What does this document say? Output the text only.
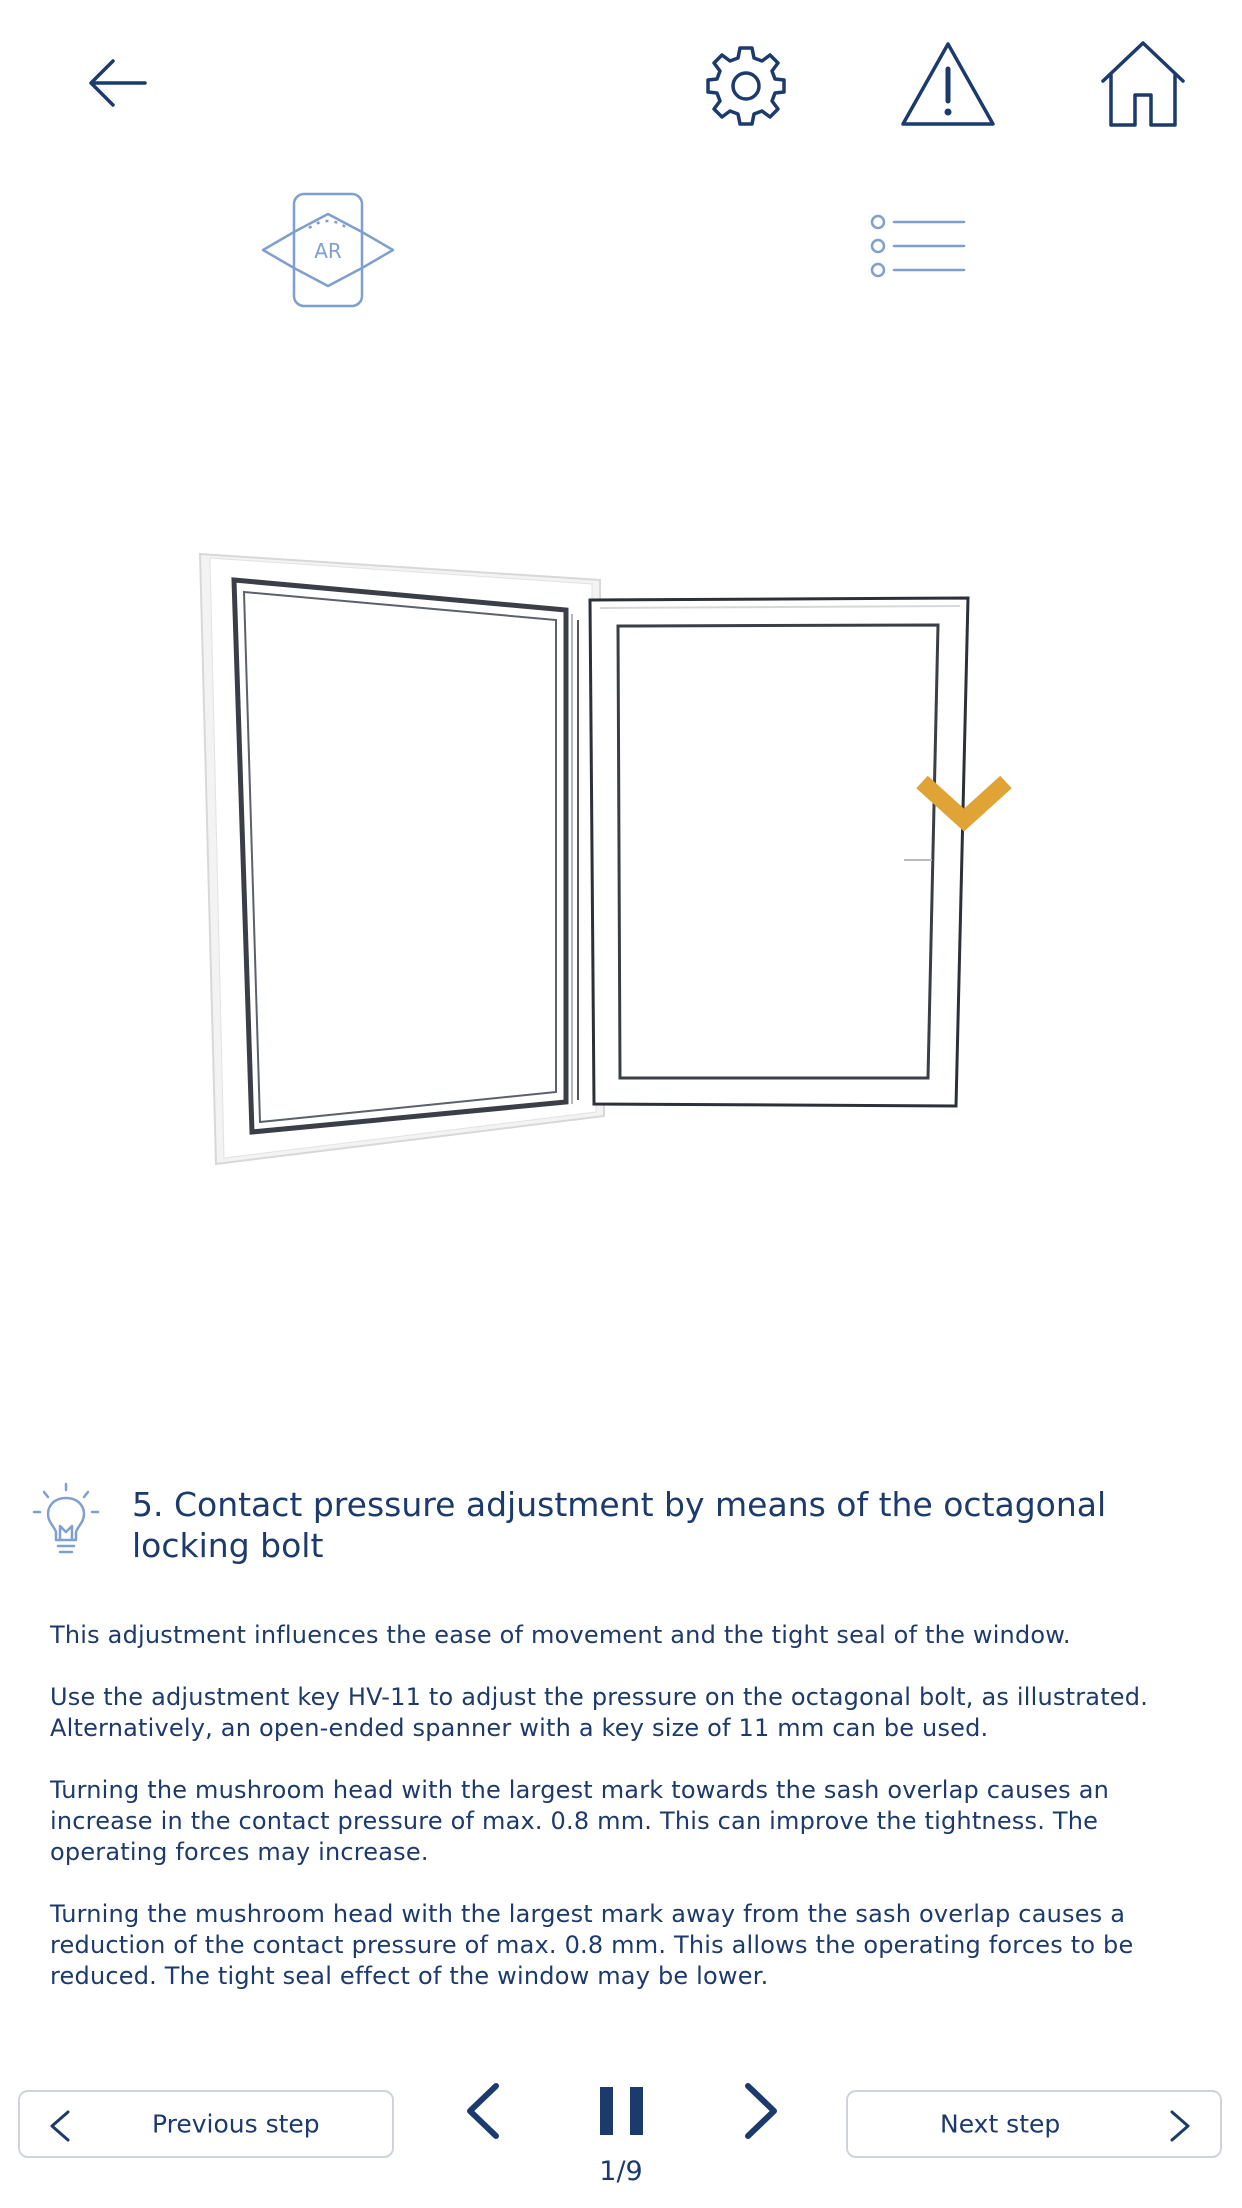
AR
5. Contact pressure adjustment by means of the octagonal locking bolt

This adjustment influences the ease of movement and the tight seal of the window.

Use the adjustment key HV-11 to adjust the pressure on the octagonal bolt, as illustrated.
Alternatively, an open-ended spanner with a key size of 11 mm can be used.

Turning the mushroom head with the largest mark towards the sash overlap causes an increase in the contact pressure of max. 0.8 mm. This can improve the tightness. The operating forces may increase.

Turning the mushroom head with the largest mark away from the sash overlap causes a reduction of the contact pressure of max. 0.8 mm. This allows the operating forces to be reduced. The tight seal effect of the window may be lower.

Previous step	Next step
1/9
